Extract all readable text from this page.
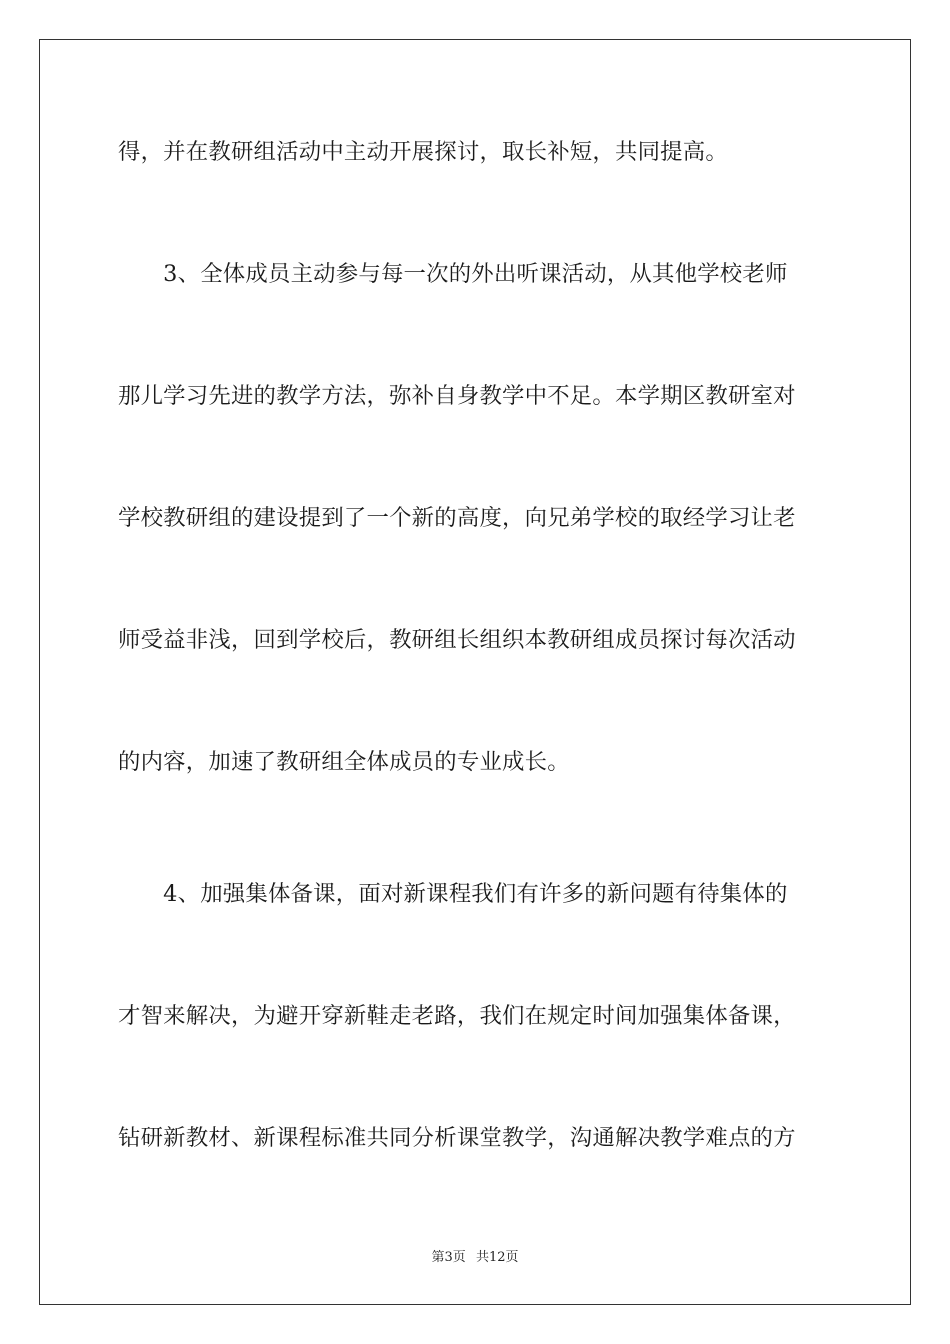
得，并在教研组活动中主动开展探讨，取长补短，共同提高。

　　3、全体成员主动参与每一次的外出听课活动，从其他学校老师

那儿学习先进的教学方法，弥补自身教学中不足。本学期区教研室对

学校教研组的建设提到了一个新的高度，向兄弟学校的取经学习让老

师受益非浅，回到学校后，教研组长组织本教研组成员探讨每次活动

的内容，加速了教研组全体成员的专业成长。

　　4、加强集体备课，面对新课程我们有许多的新问题有待集体的

才智来解决，为避开穿新鞋走老路，我们在规定时间加强集体备课，

钻研新教材、新课程标准共同分析课堂教学，沟通解决教学难点的方

第3页 共12页
